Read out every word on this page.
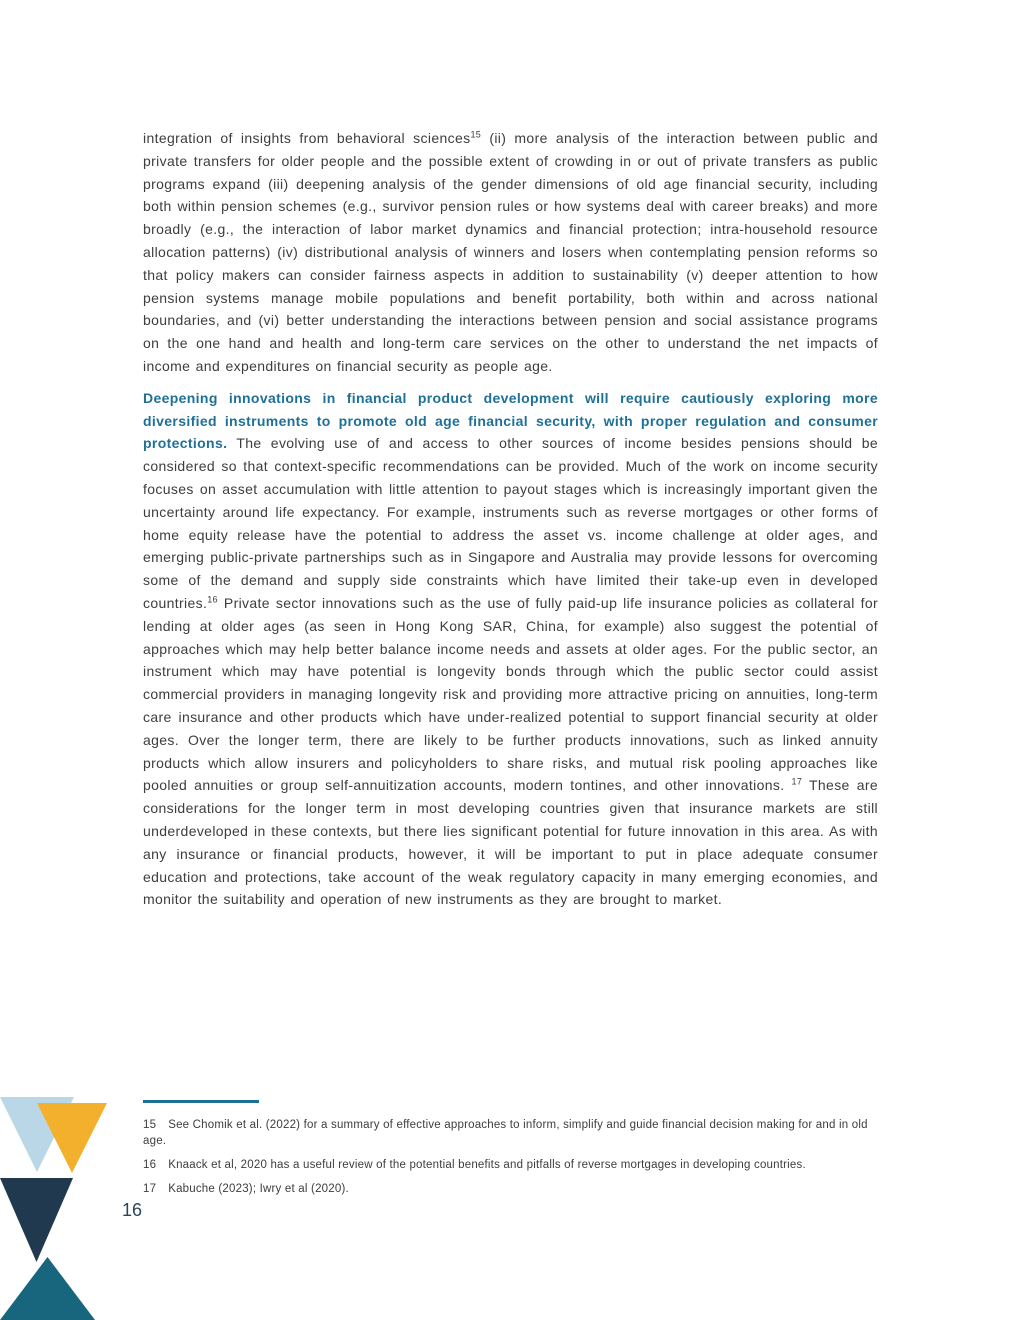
integration of insights from behavioral sciences$^{15}$ (ii) more analysis of the interaction between public and private transfers for older people and the possible extent of crowding in or out of private transfers as public programs expand (iii) deepening analysis of the gender dimensions of old age financial security, including both within pension schemes (e.g., survivor pension rules or how systems deal with career breaks) and more broadly (e.g., the interaction of labor market dynamics and financial protection; intra-household resource allocation patterns) (iv) distributional analysis of winners and losers when contemplating pension reforms so that policy makers can consider fairness aspects in addition to sustainability (v) deeper attention to how pension systems manage mobile populations and benefit portability, both within and across national boundaries, and (vi) better understanding the interactions between pension and social assistance programs on the one hand and health and long-term care services on the other to understand the net impacts of income and expenditures on financial security as people age.

Deepening innovations in financial product development will require cautiously exploring more diversified instruments to promote old age financial security, with proper regulation and consumer protections. The evolving use of and access to other sources of income besides pensions should be considered so that context-specific recommendations can be provided. Much of the work on income security focuses on asset accumulation with little attention to payout stages which is increasingly important given the uncertainty around life expectancy. For example, instruments such as reverse mortgages or other forms of home equity release have the potential to address the asset vs. income challenge at older ages, and emerging public-private partnerships such as in Singapore and Australia may provide lessons for overcoming some of the demand and supply side constraints which have limited their take-up even in developed countries.$^{16}$ Private sector innovations such as the use of fully paid-up life insurance policies as collateral for lending at older ages (as seen in Hong Kong SAR, China, for example) also suggest the potential of approaches which may help better balance income needs and assets at older ages. For the public sector, an instrument which may have potential is longevity bonds through which the public sector could assist commercial providers in managing longevity risk and providing more attractive pricing on annuities, long-term care insurance and other products which have under-realized potential to support financial security at older ages. Over the longer term, there are likely to be further products innovations, such as linked annuity products which allow insurers and policyholders to share risks, and mutual risk pooling approaches like pooled annuities or group self-annuitization accounts, modern tontines, and other innovations. $^{17}$ These are considerations for the longer term in most developing countries given that insurance markets are still underdeveloped in these contexts, but there lies significant potential for future innovation in this area. As with any insurance or financial products, however, it will be important to put in place adequate consumer education and protections, take account of the weak regulatory capacity in many emerging economies, and monitor the suitability and operation of new instruments as they are brought to market.

15 See Chomik et al. (2022) for a summary of effective approaches to inform, simplify and guide financial decision making for and in old age.

16 Knaack et al, 2020 has a useful review of the potential benefits and pitfalls of reverse mortgages in developing countries.

17 Kabuche (2023); Iwry et al (2020).

16
